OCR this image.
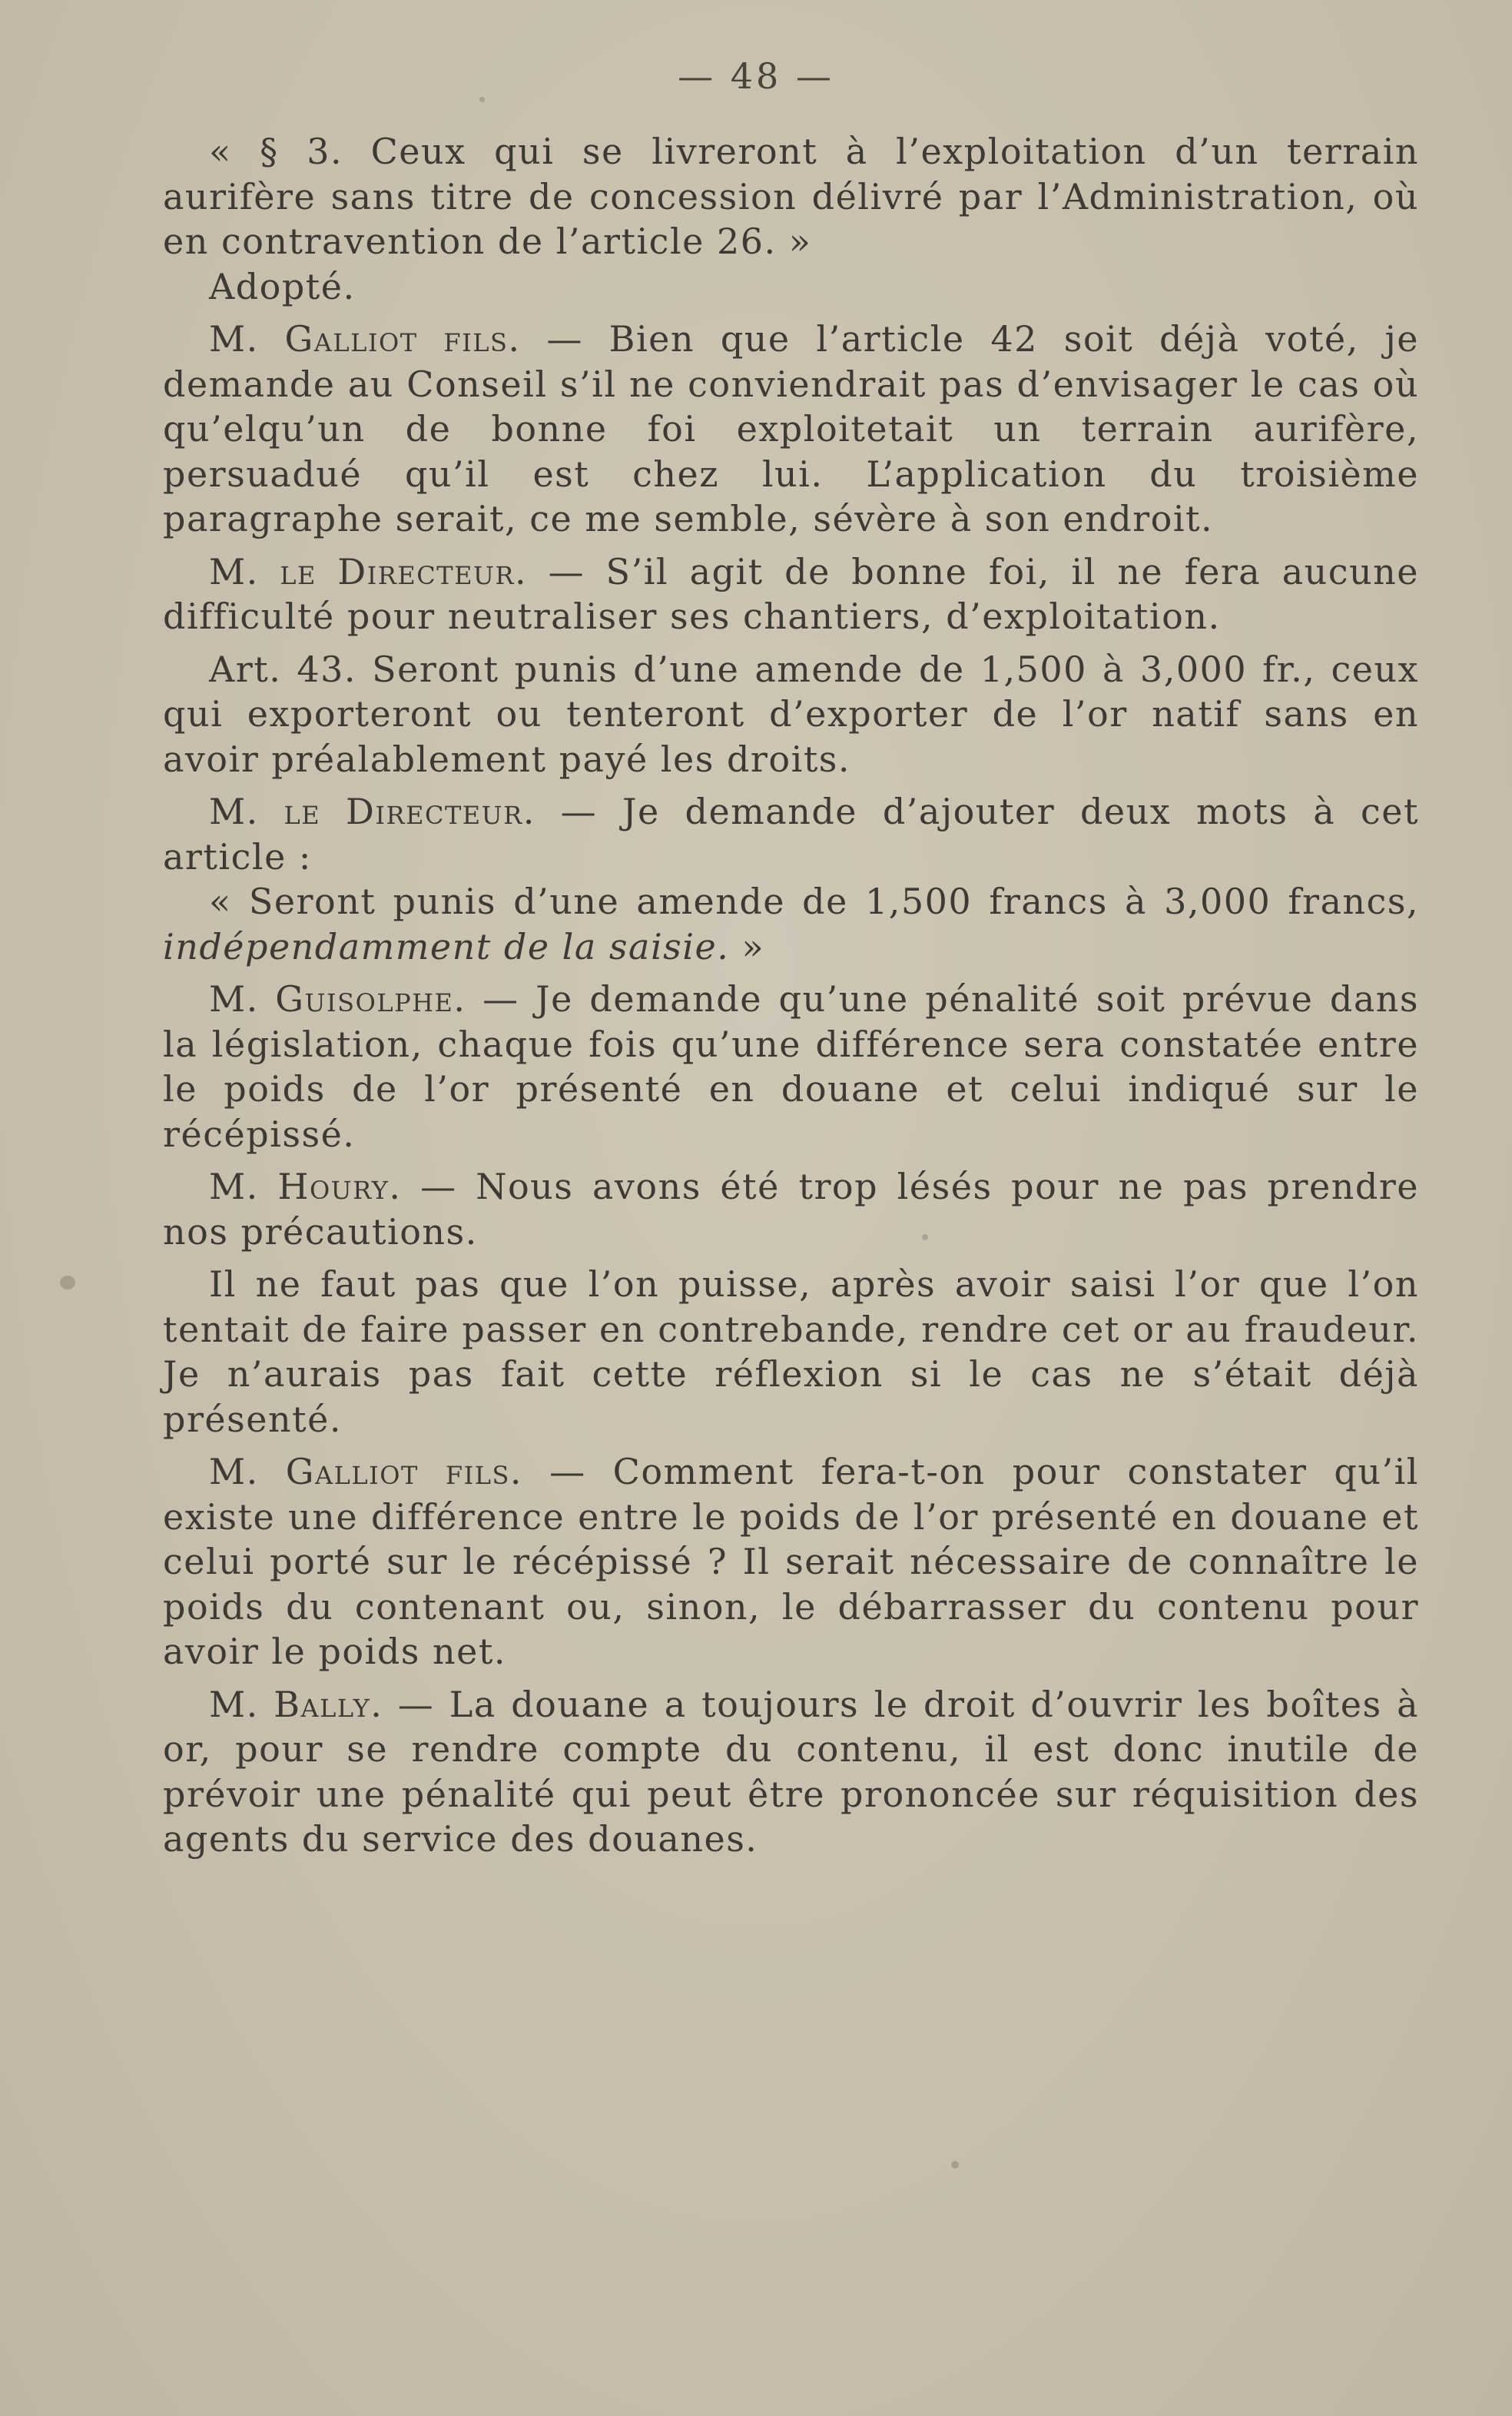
— 48 —

« § 3. Ceux qui se livreront à l’exploitation d’un terrain aurifère sans titre de concession délivré par l’Administration, où en contravention de l’article 26. »

Adopté.

M. Galliot fils. — Bien que l’article 42 soit déjà voté, je demande au Conseil s’il ne conviendrait pas d’envisager le cas où qu’elqu’un de bonne foi exploitetait un terrain aurifère, persuadué qu’il est chez lui. L’application du troisième paragraphe serait, ce me semble, sévère à son endroit.

M. le Directeur. — S’il agit de bonne foi, il ne fera aucune difficulté pour neutraliser ses chantiers, d’exploitation.

Art. 43. Seront punis d’une amende de 1,500 à 3,000 fr., ceux qui exporteront ou tenteront d’exporter de l’or natif sans en avoir préalablement payé les droits.

M. le Directeur. — Je demande d’ajouter deux mots à cet article :

« Seront punis d’une amende de 1,500 francs à 3,000 francs, indépendamment de la saisie. »

M. Guisolphe. — Je demande qu’une pénalité soit prévue dans la législation, chaque fois qu’une différence sera constatée entre le poids de l’or présenté en douane et celui indiqué sur le récépissé.

M. Houry. — Nous avons été trop lésés pour ne pas prendre nos précautions.

Il ne faut pas que l’on puisse, après avoir saisi l’or que l’on tentait de faire passer en contrebande, rendre cet or au fraudeur. Je n’aurais pas fait cette réflexion si le cas ne s’était déjà présenté.

M. Galliot fils. — Comment fera-t-on pour constater qu’il existe une différence entre le poids de l’or présenté en douane et celui porté sur le récépissé ? Il serait nécessaire de connaître le poids du contenant ou, sinon, le débarrasser du contenu pour avoir le poids net.

M. Bally. — La douane a toujours le droit d’ouvrir les boîtes à or, pour se rendre compte du contenu, il est donc inutile de prévoir une pénalité qui peut être prononcée sur réquisition des agents du service des douanes.
